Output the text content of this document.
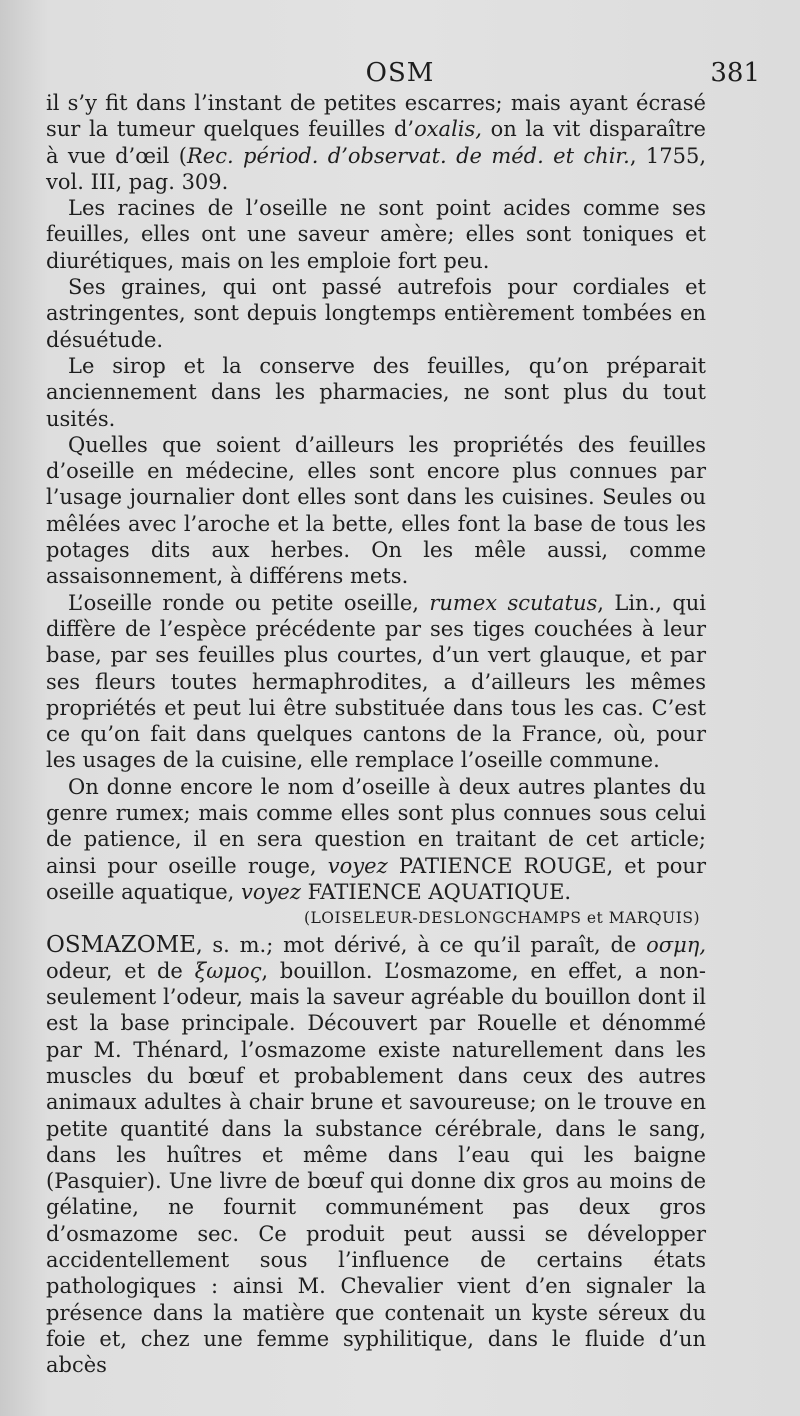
OSM	381

il s’y fit dans l’instant de petites escarres; mais ayant écrasé sur la tumeur quelques feuilles d’oxalis, on la vit disparaître à vue d’œil (Rec. périod. d’observat. de méd. et chir., 1755, vol. III, pag. 309.

Les racines de l’oseille ne sont point acides comme ses feuilles, elles ont une saveur amère; elles sont toniques et diurétiques, mais on les emploie fort peu.

Ses graines, qui ont passé autrefois pour cordiales et astringentes, sont depuis longtemps entièrement tombées en désuétude.

Le sirop et la conserve des feuilles, qu’on préparait anciennement dans les pharmacies, ne sont plus du tout usités.

Quelles que soient d’ailleurs les propriétés des feuilles d’oseille en médecine, elles sont encore plus connues par l’usage journalier dont elles sont dans les cuisines. Seules ou mêlées avec l’aroche et la bette, elles font la base de tous les potages dits aux herbes. On les mêle aussi, comme assaisonnement, à différens mets.

L’oseille ronde ou petite oseille, rumex scutatus, Lin., qui diffère de l’espèce précédente par ses tiges couchées à leur base, par ses feuilles plus courtes, d’un vert glauque, et par ses fleurs toutes hermaphrodites, a d’ailleurs les mêmes propriétés et peut lui être substituée dans tous les cas. C’est ce qu’on fait dans quelques cantons de la France, où, pour les usages de la cuisine, elle remplace l’oseille commune.

On donne encore le nom d’oseille à deux autres plantes du genre rumex; mais comme elles sont plus connues sous celui de patience, il en sera question en traitant de cet article; ainsi pour oseille rouge, voyez PATIENCE ROUGE, et pour oseille aquatique, voyez FATIENCE AQUATIQUE.

(LOISELEUR-DESLONGCHAMPS et MARQUIS)

OSMAZOME, s. m.; mot dérivé, à ce qu’il paraît, de οσμη, odeur, et de ξωμος, bouillon. L’osmazome, en effet, a non-seulement l’odeur, mais la saveur agréable du bouillon dont il est la base principale. Découvert par Rouelle et dénommé par M. Thénard, l’osmazome existe naturellement dans les muscles du bœuf et probablement dans ceux des autres animaux adultes à chair brune et savoureuse; on le trouve en petite quantité dans la substance cérébrale, dans le sang, dans les huîtres et même dans l’eau qui les baigne (Pasquier). Une livre de bœuf qui donne dix gros au moins de gélatine, ne fournit communément pas deux gros d’osmazome sec. Ce produit peut aussi se développer accidentellement sous l’influence de certains états pathologiques : ainsi M. Chevalier vient d’en signaler la présence dans la matière que contenait un kyste séreux du foie et, chez une femme syphilitique, dans le fluide d’un abcès
